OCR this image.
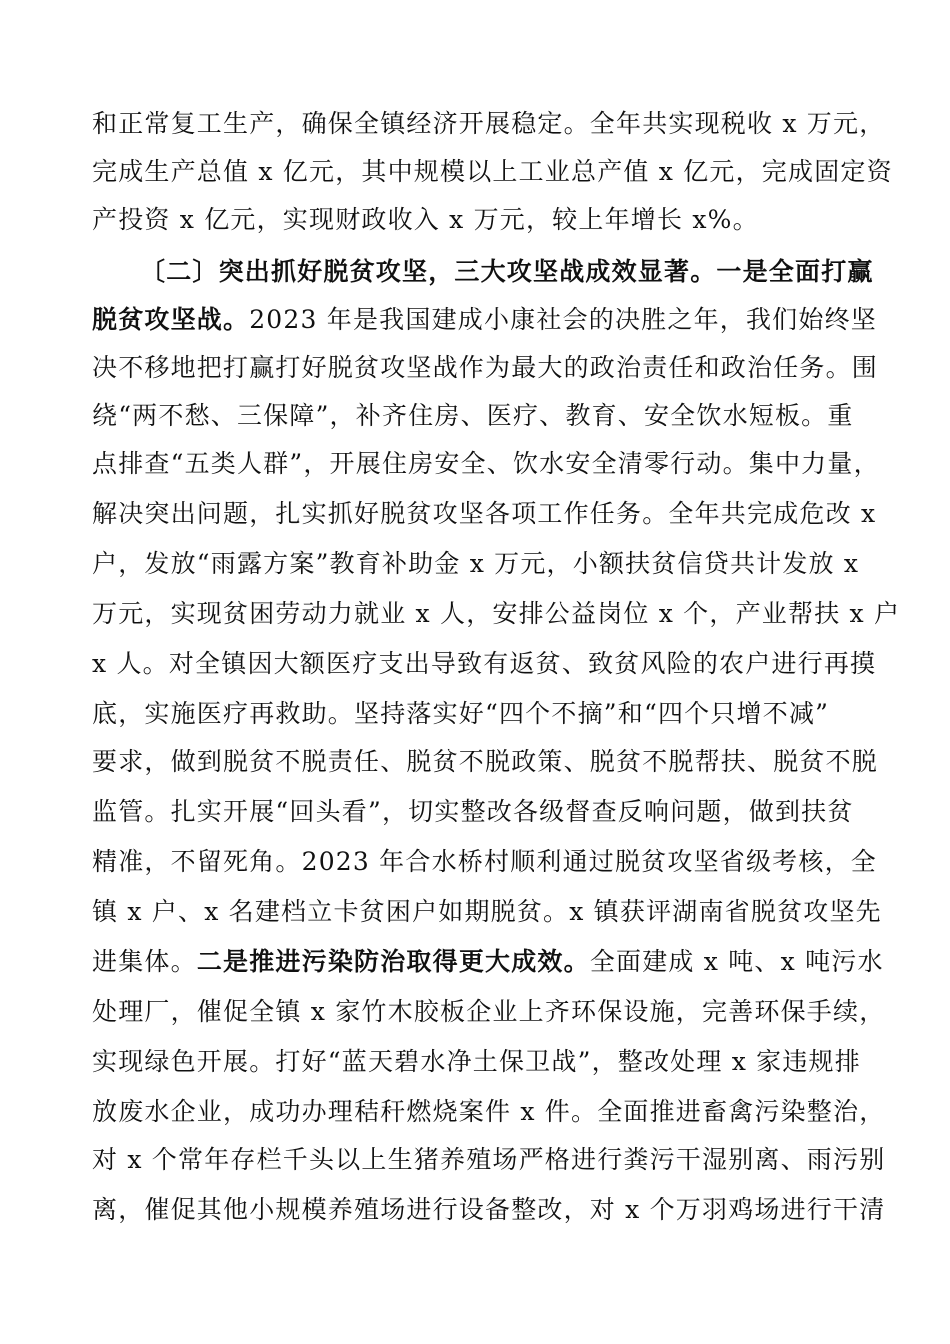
和正常复工生产，确保全镇经济开展稳定。全年共实现税收 x 万元，
完成生产总值 x 亿元，其中规模以上工业总产值 x 亿元，完成固定资
产投资 x 亿元，实现财政收入 x 万元，较上年增长 x%。
〔二〕突出抓好脱贫攻坚，三大攻坚战成效显著。一是全面打赢
脱贫攻坚战。2023 年是我国建成小康社会的决胜之年，我们始终坚
决不移地把打赢打好脱贫攻坚战作为最大的政治责任和政治任务。围
绕“两不愁、三保障”，补齐住房、医疗、教育、安全饮水短板。重
点排查“五类人群”，开展住房安全、饮水安全清零行动。集中力量，
解决突出问题，扎实抓好脱贫攻坚各项工作任务。全年共完成危改 x
户，发放“雨露方案”教育补助金 x 万元，小额扶贫信贷共计发放 x
万元，实现贫困劳动力就业 x 人，安排公益岗位 x 个，产业帮扶 x 户
x 人。对全镇因大额医疗支出导致有返贫、致贫风险的农户进行再摸
底，实施医疗再救助。坚持落实好“四个不摘”和“四个只增不减”
要求，做到脱贫不脱责任、脱贫不脱政策、脱贫不脱帮扶、脱贫不脱
监管。扎实开展“回头看”，切实整改各级督查反响问题，做到扶贫
精准，不留死角。2023 年合水桥村顺利通过脱贫攻坚省级考核，全
镇 x 户、x 名建档立卡贫困户如期脱贫。x 镇获评湖南省脱贫攻坚先
进集体。二是推进污染防治取得更大成效。全面建成 x 吨、x 吨污水
处理厂，催促全镇 x 家竹木胶板企业上齐环保设施，完善环保手续，
实现绿色开展。打好“蓝天碧水净土保卫战”，整改处理 x 家违规排
放废水企业，成功办理秸秆燃烧案件 x 件。全面推进畜禽污染整治，
对 x 个常年存栏千头以上生猪养殖场严格进行粪污干湿别离、雨污别
离，催促其他小规模养殖场进行设备整改，对 x 个万羽鸡场进行干清
